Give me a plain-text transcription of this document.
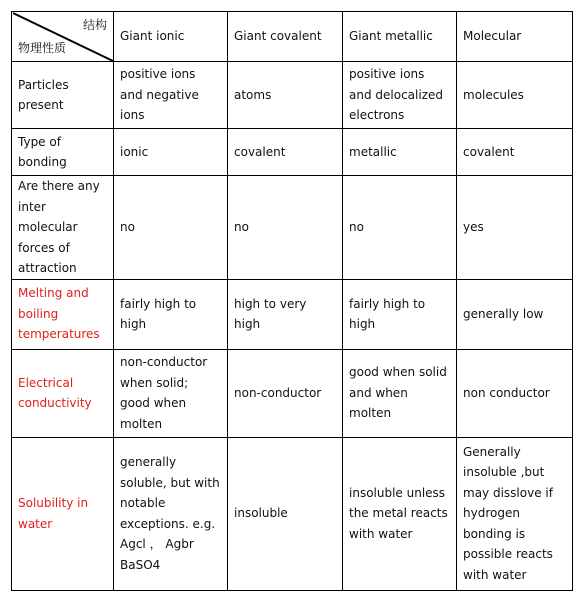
结构
物理性质	Giant ionic	Giant covalent	Giant metallic	Molecular
Particles present	positive ions and negative ions	atoms	positive ions and delocalized electrons	molecules
Type of bonding	ionic	covalent	metallic	covalent
Are there any inter molecular forces of attraction	no	no	no	yes
Melting and boiling temperatures	fairly high to high	high to very high	fairly high to high	generally low
Electrical conductivity	non-conductor when solid; good when molten	non-conductor	good when solid and when molten	non conductor
Solubility in water	generally soluble, but with notable exceptions. e.g. Agcl ， Agbr BaSO4	insoluble	insoluble unless the metal reacts with water	Generally insoluble ,but may disslove if hydrogen bonding is possible reacts with water
